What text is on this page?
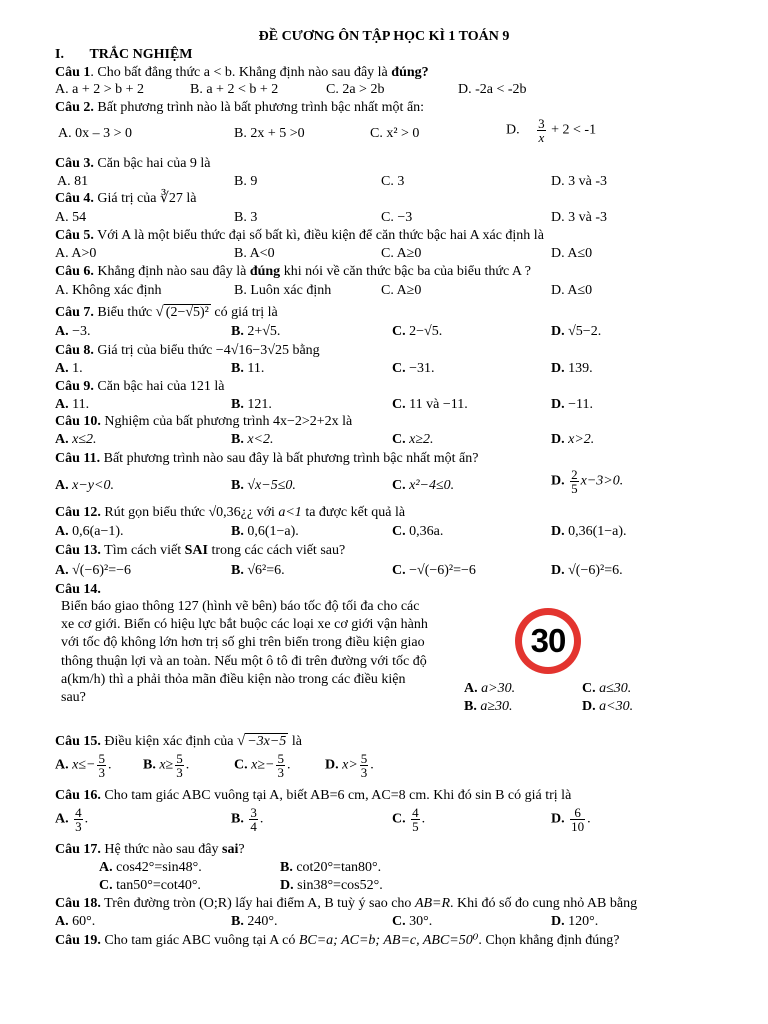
ĐỀ CƯƠNG ÔN TẬP HỌC KÌ 1 TOÁN 9
I. TRẮC NGHIỆM
Câu 1. Cho bất đẳng thức a < b. Khẳng định nào sau đây là đúng?
A. a + 2 > b + 2	B. a + 2 < b + 2	C. 2a > 2b	D. -2a < -2b
Câu 2. Bất phương trình nào là bất phương trình bậc nhất một ẩn:
A. 0x – 3 > 0	B. 2x + 5 >0	C. x² > 0	D. $\frac{3}{x} + 2 < -1$
Câu 3. Căn bậc hai của 9 là
A. 81	B. 9	C. 3	D. 3 và -3
Câu 4. Giá trị của ∛27 là
A. 54	B. 3	C. −3	D. 3 và -3
Câu 5. Với A là một biểu thức đại số bất kì, điều kiện để căn thức bậc hai A xác định là
A. A>0	B. A<0	C. A≥0	D. A≤0
Câu 6. Khẳng định nào sau đây là đúng khi nói về căn thức bậc ba của biểu thức A ?
A. Không xác định	B. Luôn xác định	C. A≥0	D. A≤0
Câu 7. Biểu thức √ (2−√5)² có giá trị là
A. −3.	B. 2+√5.	C. 2−√5.	D. √5−2.
Câu 8. Giá trị của biểu thức −4√16−3√25 bằng
A. 1.	B. 11.	C. −31.	D. 139.
Câu 9. Căn bậc hai của 121 là
A. 11.	B. 121.	C. 11 và −11.	D. −11.
Câu 10. Nghiệm của bất phương trình 4x−2>2+2x là
A. x≤2.	B. x<2.	C. x≥2.	D. x>2.
Câu 11. Bất phương trình nào sau đây là bất phương trình bậc nhất một ẩn?
A. x−y<0.	B. √x−5≤0.	C. x²−4≤0.	D. $\frac{2}{5} x-3>0$.
Câu 12. Rút gọn biểu thức √0,36¿¿ với a<1 ta được kết quả là
A. 0,6(a−1).	B. 0,6(1−a).	C. 0,36a.	D. 0,36(1−a).
Câu 13. Tìm cách viết SAI trong các cách viết sau?
A. √(−6)²=−6	B. √6²=6.	C. −√(−6)²=−6	D. √(−6)²=6.
Câu 14.
Biển báo giao thông 127 (hình vẽ bên) báo tốc độ tối đa cho các xe cơ giới. Biển có hiệu lực bắt buộc các loại xe cơ giới vận hành với tốc độ không lớn hơn trị số ghi trên biển trong điều kiện giao thông thuận lợi và an toàn. Nếu một ô tô đi trên đường với tốc độ a(km/h) thì a phải thỏa mãn điều kiện nào trong các điều kiện sau?
30
A. a>30.
B. a≥30.
C. a≤30.
D. a<30.
Câu 15. Điều kiện xác định của √ −3x−5 là
A. $x\le- \frac{5}{3}$ . B. $x\ge \frac{5}{3}$ .	C. $x\ge- \frac{5}{3}$ . D. $x> \frac{5}{3}$ .
Câu 16. Cho tam giác ABC vuông tại A, biết AB=6 cm, AC=8 cm. Khi đó sin B có giá trị là
A. $\frac{4}{3}$ .	B. $\frac{3}{4}$ .	C. $\frac{4}{5}$ .	D. $\frac{6}{10}$ .
Câu 17. Hệ thức nào sau đây sai?
A. cos42°=sin48°.	B. cot20°=tan80°.
C. tan50°=cot40°.	D. sin38°=cos52°.
Câu 18. Trên đường tròn (O;R) lấy hai điểm A, B tuỳ ý sao cho AB=R. Khi đó số đo cung nhỏ AB bằng
A. 60°.	B. 240°.	C. 30°.	D. 120°.
Câu 19. Cho tam giác ABC vuông tại A có BC=a; AC=b; AB=c, ABC=50⁰. Chọn khẳng định đúng?
